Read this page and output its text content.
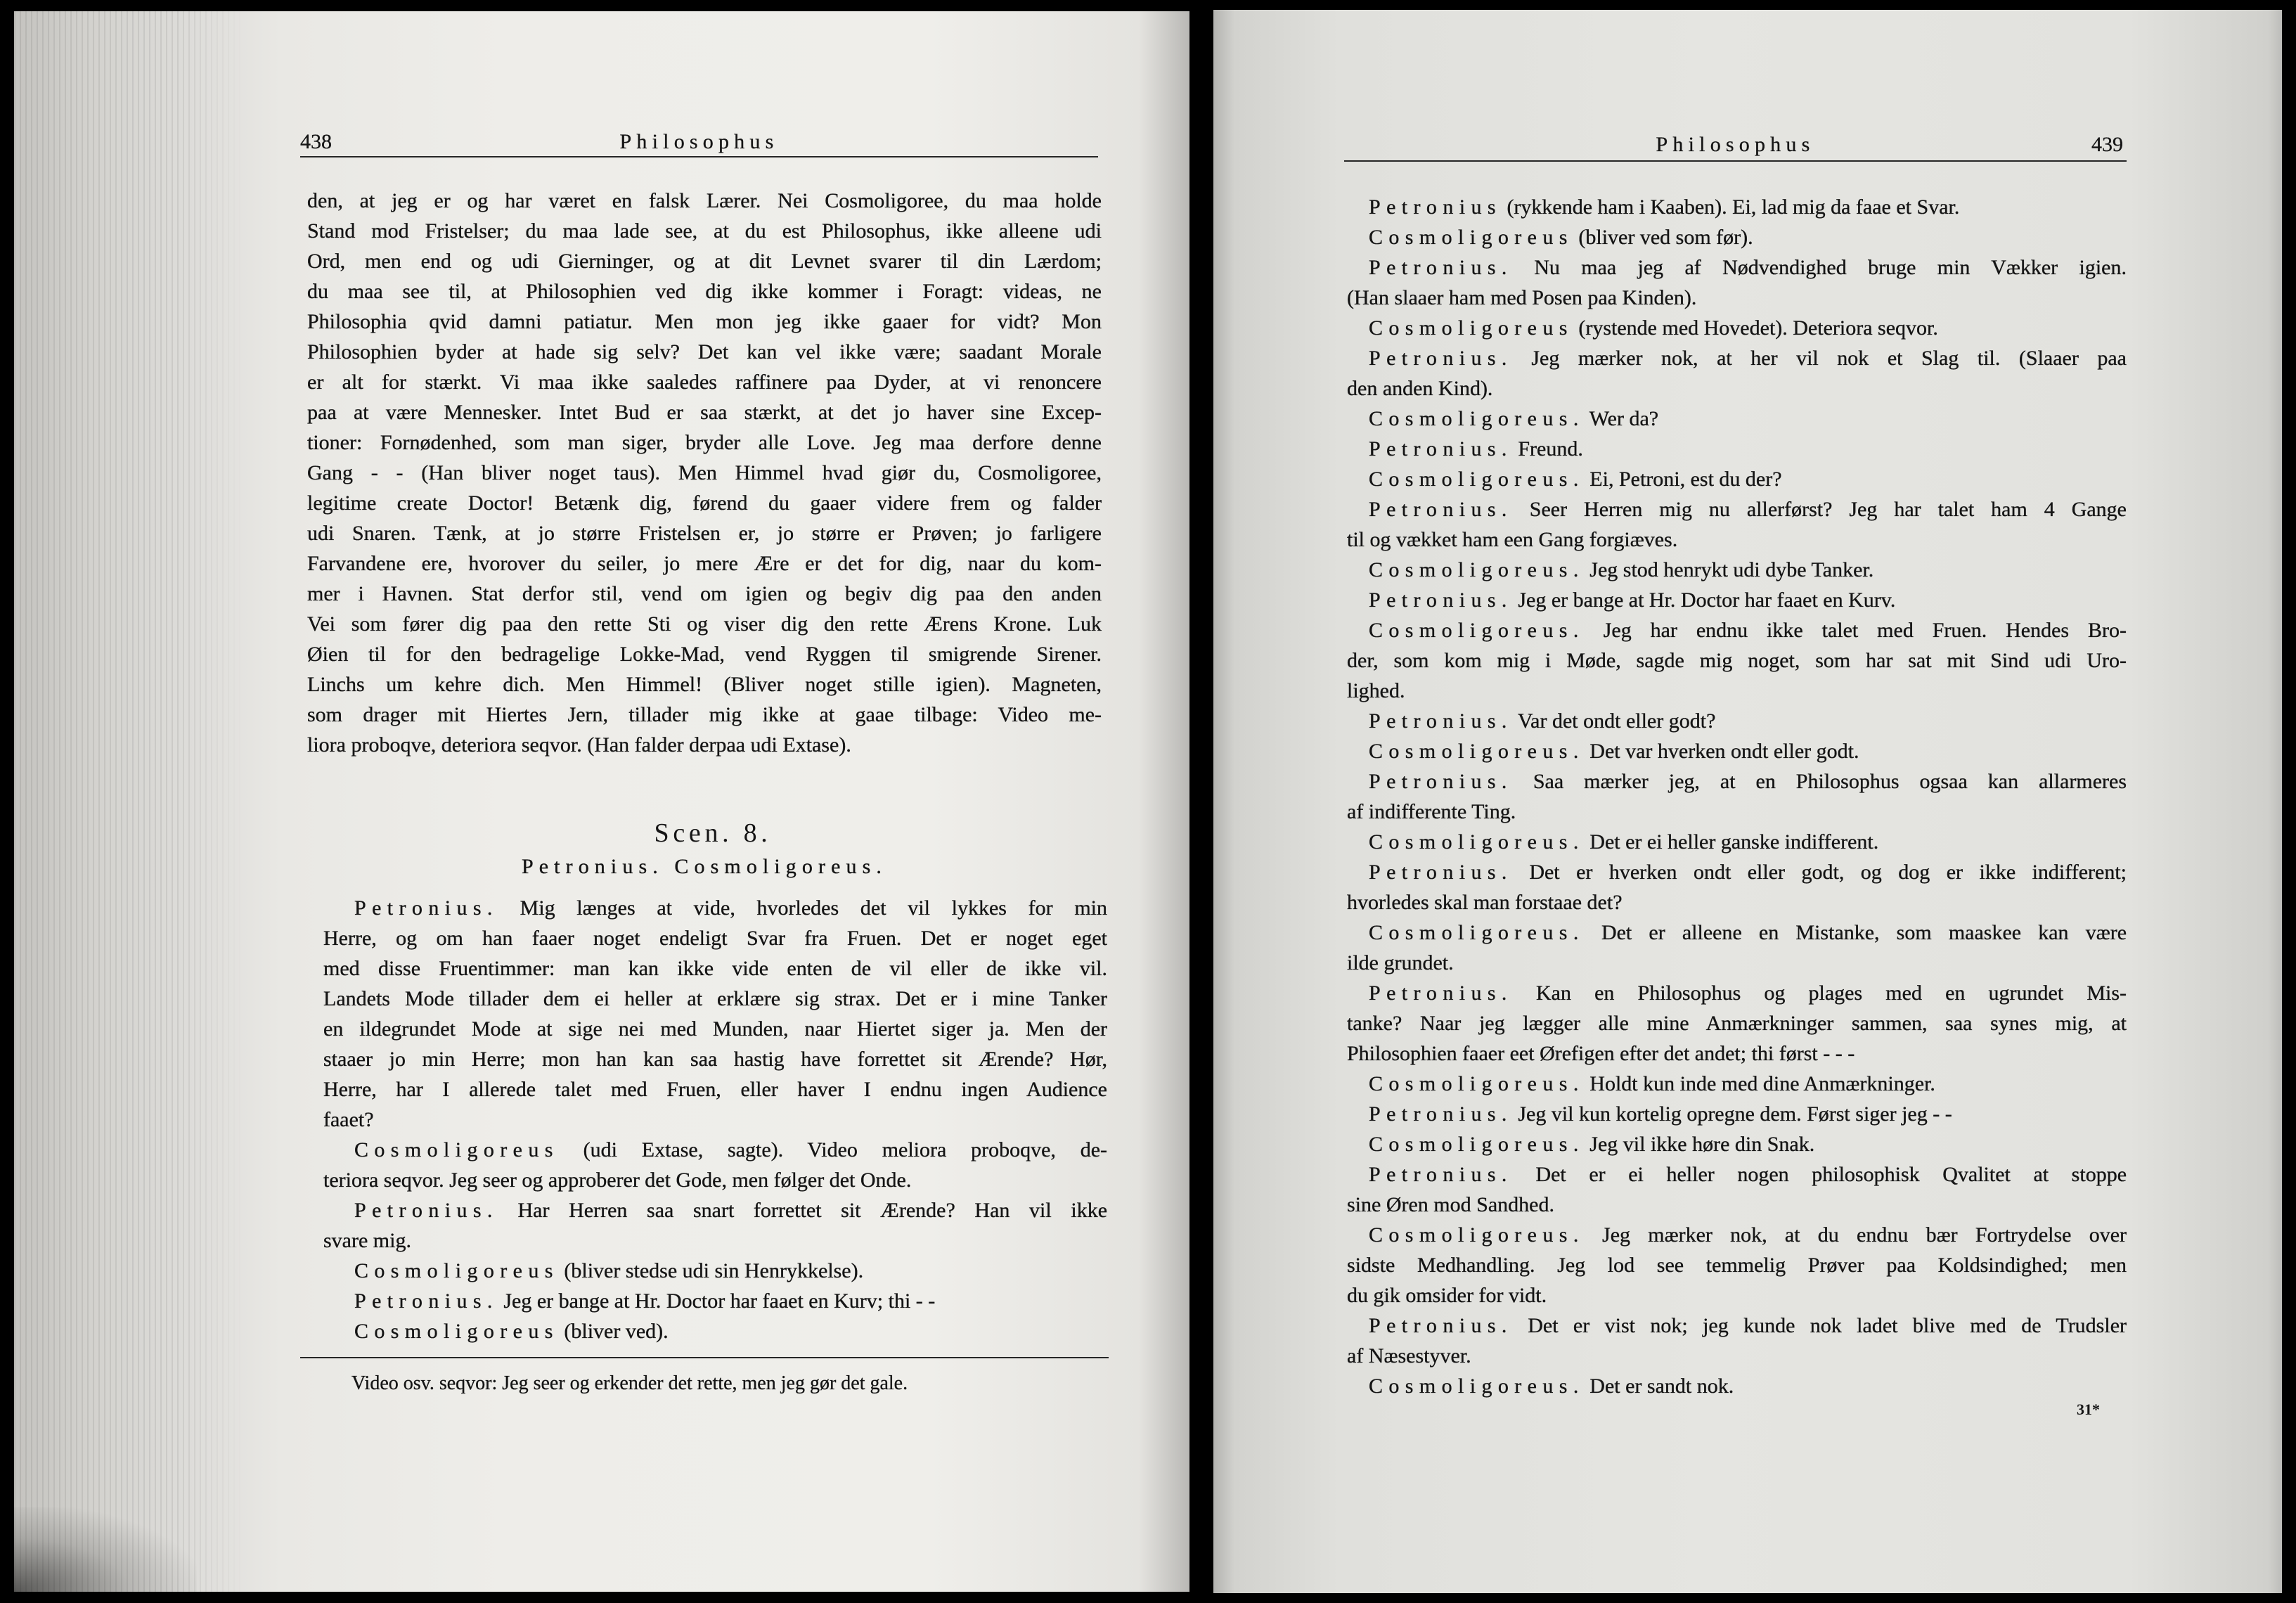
438	Philosophus
den, at jeg er og har været en falsk Lærer. Nei Cosmoligoree, du maa holde
Stand mod Fristelser; du maa lade see, at du est Philosophus, ikke alleene udi
Ord, men end og udi Gierninger, og at dit Levnet svarer til din Lærdom;
du maa see til, at Philosophien ved dig ikke kommer i Foragt: videas, ne
Philosophia qvid damni patiatur. Men mon jeg ikke gaaer for vidt? Mon
Philosophien byder at hade sig selv? Det kan vel ikke være; saadant Morale
er alt for stærkt. Vi maa ikke saaledes raffinere paa Dyder, at vi renoncere
paa at være Mennesker. Intet Bud er saa stærkt, at det jo haver sine Excep-
tioner: Fornødenhed, som man siger, bryder alle Love. Jeg maa derfore denne
Gang - - (Han bliver noget taus). Men Himmel hvad giør du, Cosmoligoree,
legitime create Doctor! Betænk dig, førend du gaaer videre frem og falder
udi Snaren. Tænk, at jo større Fristelsen er, jo større er Prøven; jo farligere
Farvandene ere, hvorover du seiler, jo mere Ære er det for dig, naar du kom-
mer i Havnen. Stat derfor stil, vend om igien og begiv dig paa den anden
Vei som fører dig paa den rette Sti og viser dig den rette Ærens Krone. Luk
Øien til for den bedragelige Lokke-Mad, vend Ryggen til smigrende Sirener.
Linchs um kehre dich. Men Himmel! (Bliver noget stille igien). Magneten,
som drager mit Hiertes Jern, tillader mig ikke at gaae tilbage: Video me-
liora proboqve, deteriora seqvor. (Han falder derpaa udi Extase).
Scen. 8.
Petronius. Cosmoligoreus.
Petronius. Mig længes at vide, hvorledes det vil lykkes for min
Herre, og om han faaer noget endeligt Svar fra Fruen. Det er noget eget
med disse Fruentimmer: man kan ikke vide enten de vil eller de ikke vil.
Landets Mode tillader dem ei heller at erklære sig strax. Det er i mine Tanker
en ildegrundet Mode at sige nei med Munden, naar Hiertet siger ja. Men der
staaer jo min Herre; mon han kan saa hastig have forrettet sit Ærende? Hør,
Herre, har I allerede talet med Fruen, eller haver I endnu ingen Audience
faaet?
Cosmoligoreus (udi Extase, sagte). Video meliora proboqve, de-
teriora seqvor. Jeg seer og approberer det Gode, men følger det Onde.
Petronius. Har Herren saa snart forrettet sit Ærende? Han vil ikke
svare mig.
Cosmoligoreus (bliver stedse udi sin Henrykkelse).
Petronius. Jeg er bange at Hr. Doctor har faaet en Kurv; thi - -
Cosmoligoreus (bliver ved).
Video osv. seqvor: Jeg seer og erkender det rette, men jeg gør det gale.
Philosophus	439
Petronius (rykkende ham i Kaaben). Ei, lad mig da faae et Svar.
Cosmoligoreus (bliver ved som før).
Petronius. Nu maa jeg af Nødvendighed bruge min Vækker igien.
(Han slaaer ham med Posen paa Kinden).
Cosmoligoreus (rystende med Hovedet). Deteriora seqvor.
Petronius. Jeg mærker nok, at her vil nok et Slag til. (Slaaer paa
den anden Kind).
Cosmoligoreus. Wer da?
Petronius. Freund.
Cosmoligoreus. Ei, Petroni, est du der?
Petronius. Seer Herren mig nu allerførst? Jeg har talet ham 4 Gange
til og vækket ham een Gang forgiæves.
Cosmoligoreus. Jeg stod henrykt udi dybe Tanker.
Petronius. Jeg er bange at Hr. Doctor har faaet en Kurv.
Cosmoligoreus. Jeg har endnu ikke talet med Fruen. Hendes Bro-
der, som kom mig i Møde, sagde mig noget, som har sat mit Sind udi Uro-
lighed.
Petronius. Var det ondt eller godt?
Cosmoligoreus. Det var hverken ondt eller godt.
Petronius. Saa mærker jeg, at en Philosophus ogsaa kan allarmeres
af indifferente Ting.
Cosmoligoreus. Det er ei heller ganske indifferent.
Petronius. Det er hverken ondt eller godt, og dog er ikke indifferent;
hvorledes skal man forstaae det?
Cosmoligoreus. Det er alleene en Mistanke, som maaskee kan være
ilde grundet.
Petronius. Kan en Philosophus og plages med en ugrundet Mis-
tanke? Naar jeg lægger alle mine Anmærkninger sammen, saa synes mig, at
Philosophien faaer eet Ørefigen efter det andet; thi først - - -
Cosmoligoreus. Holdt kun inde med dine Anmærkninger.
Petronius. Jeg vil kun kortelig opregne dem. Først siger jeg - -
Cosmoligoreus. Jeg vil ikke høre din Snak.
Petronius. Det er ei heller nogen philosophisk Qvalitet at stoppe
sine Øren mod Sandhed.
Cosmoligoreus. Jeg mærker nok, at du endnu bær Fortrydelse over
sidste Medhandling. Jeg lod see temmelig Prøver paa Koldsindighed; men
du gik omsider for vidt.
Petronius. Det er vist nok; jeg kunde nok ladet blive med de Trudsler
af Næsestyver.
Cosmoligoreus. Det er sandt nok.
31*
